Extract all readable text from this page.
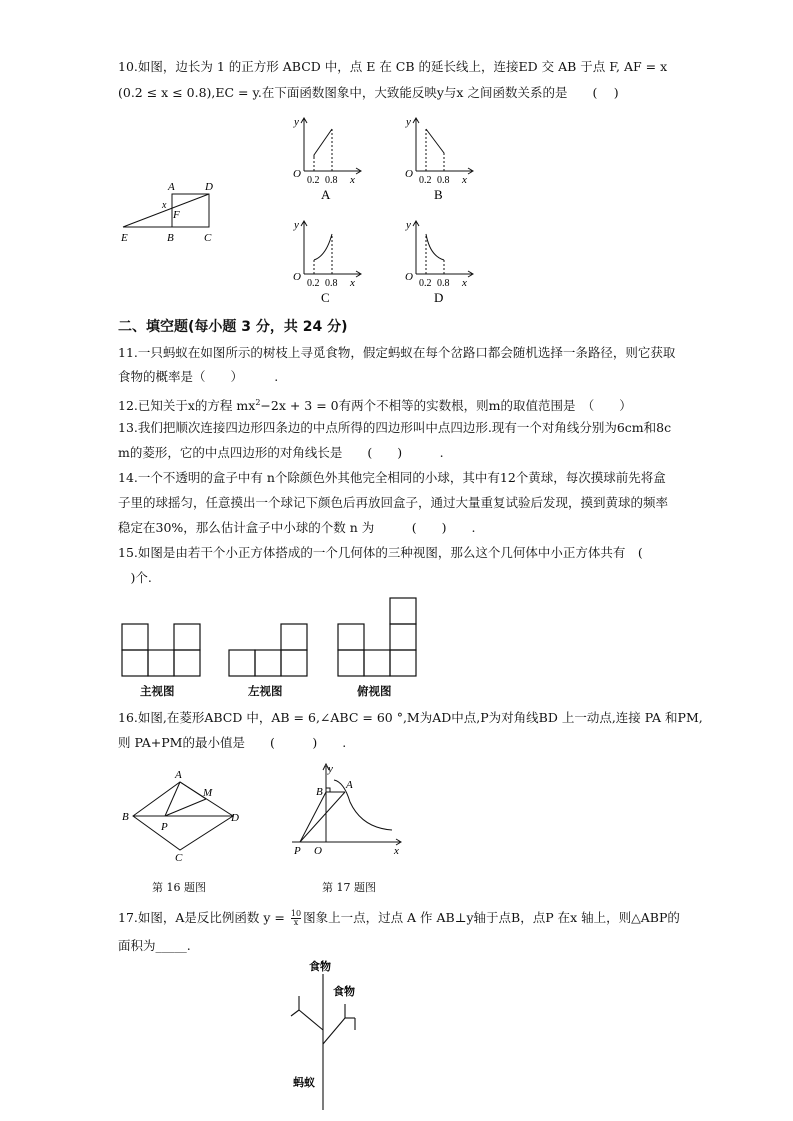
10.如图，边长为 1 的正方形 ABCD 中，点 E 在 CB 的延长线上，连接ED 交 AB 于点 F, AF = x
(0.2 ≤ x ≤ 0.8),EC = y.在下面函数图象中，大致能反映y与x 之间函数关系的是　　(　 )
A	D
x
F
E	B	C
y
O
0.2 0.8 x
A
y
O
0.2 0.8 x
B
y
O
0.2 0.8 x
C
y
O
0.2 0.8 x
D
二、填空题(每小题 3 分，共 24 分)
11.一只蚂蚁在如图所示的树枝上寻觅食物，假定蚂蚁在每个岔路口都会随机选择一条路径，则它获取
食物的概率是（　　）　　　.
12.已知关于x的方程 $mx^2-2x + 3 = 0$有两个不相等的实数根，则m的取值范围是　（　　）
13.我们把顺次连接四边形四条边的中点所得的四边形叫中点四边形.现有一个对角线分别为6cm和8c
m的菱形，它的中点四边形的对角线长是　　(　　)　　　.
14.一个不透明的盒子中有 n个除颜色外其他完全相同的小球，其中有12个黄球，每次摸球前先将盒
子里的球摇匀，任意摸出一个球记下颜色后再放回盒子，通过大量重复试验后发现，摸到黄球的频率
稳定在30%，那么估计盒子中小球的个数 n 为　　　(　　)　　.
15.如图是由若干个小正方体搭成的一个几何体的三种视图，那么这个几何体中小正方体共有　(
　)个.
主视图	左视图	俯视图
16.如图,在菱形ABCD 中，AB = 6,∠ABC = 60 °,M为AD中点,P为对角线BD 上一动点,连接 PA 和PM,
则 PA+PM的最小值是　　(　　　)　　.
A
M
B
P
D
C
第 16 题图
y
B
A
P O	x
第 17 题图
17.如图，A是反比例函数 $y = \frac{10}{x}$ 图象上一点，过点 A 作 AB⊥y轴于点B，点P 在x 轴上，则△ABP的
面积为_____.
食物
食物
蚂蚁
